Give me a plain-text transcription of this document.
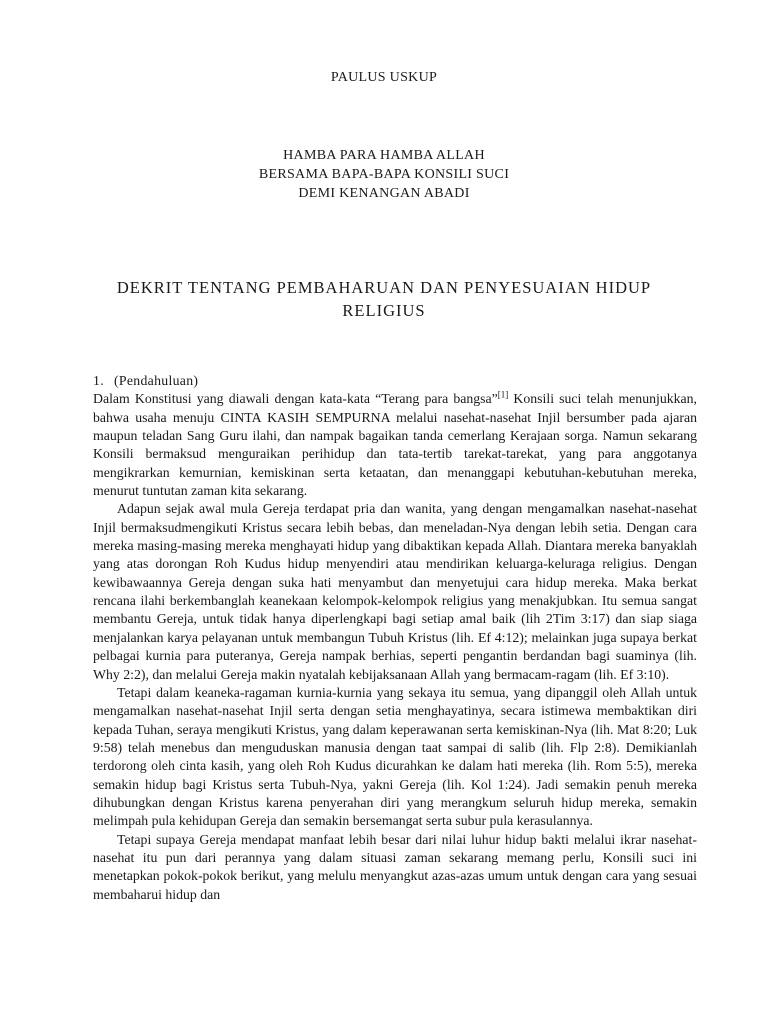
PAULUS USKUP
HAMBA PARA HAMBA ALLAH
BERSAMA BAPA-BAPA KONSILI SUCI
DEMI KENANGAN ABADI
DEKRIT TENTANG PEMBAHARUAN DAN PENYESUAIAN HIDUP
RELIGIUS

1. (Pendahuluan)

Dalam Konstitusi yang diawali dengan kata-kata “Terang para bangsa”[1] Konsili suci telah menunjukkan, bahwa usaha menuju CINTA KASIH SEMPURNA melalui nasehat-nasehat Injil bersumber pada ajaran maupun teladan Sang Guru ilahi, dan nampak bagaikan tanda cemerlang Kerajaan sorga. Namun sekarang Konsili bermaksud menguraikan perihidup dan tata-tertib tarekat-tarekat, yang para anggotanya mengikrarkan kemurnian, kemiskinan serta ketaatan, dan menanggapi kebutuhan-kebutuhan mereka, menurut tuntutan zaman kita sekarang.

Adapun sejak awal mula Gereja terdapat pria dan wanita, yang dengan mengamalkan nasehat-nasehat Injil bermaksudmengikuti Kristus secara lebih bebas, dan meneladan-Nya dengan lebih setia. Dengan cara mereka masing-masing mereka menghayati hidup yang dibaktikan kepada Allah. Diantara mereka banyaklah yang atas dorongan Roh Kudus hidup menyendiri atau mendirikan keluarga-keluraga religius. Dengan kewibawaannya Gereja dengan suka hati menyambut dan menyetujui cara hidup mereka. Maka berkat rencana ilahi berkembanglah keanekaan kelompok-kelompok religius yang menakjubkan. Itu semua sangat membantu Gereja, untuk tidak hanya diperlengkapi bagi setiap amal baik (lih 2Tim 3:17) dan siap siaga menjalankan karya pelayanan untuk membangun Tubuh Kristus (lih. Ef 4:12); melainkan juga supaya berkat pelbagai kurnia para puteranya, Gereja nampak berhias, seperti pengantin berdandan bagi suaminya (lih. Why 2:2), dan melalui Gereja makin nyatalah kebijaksanaan Allah yang bermacam-ragam (lih. Ef 3:10).

Tetapi dalam keaneka-ragaman kurnia-kurnia yang sekaya itu semua, yang dipanggil oleh Allah untuk mengamalkan nasehat-nasehat Injil serta dengan setia menghayatinya, secara istimewa membaktikan diri kepada Tuhan, seraya mengikuti Kristus, yang dalam keperawanan serta kemiskinan-Nya (lih. Mat 8:20; Luk 9:58) telah menebus dan menguduskan manusia dengan taat sampai di salib (lih. Flp 2:8). Demikianlah terdorong oleh cinta kasih, yang oleh Roh Kudus dicurahkan ke dalam hati mereka (lih. Rom 5:5), mereka semakin hidup bagi Kristus serta Tubuh-Nya, yakni Gereja (lih. Kol 1:24). Jadi semakin penuh mereka dihubungkan dengan Kristus karena penyerahan diri yang merangkum seluruh hidup mereka, semakin melimpah pula kehidupan Gereja dan semakin bersemangat serta subur pula kerasulannya.

Tetapi supaya Gereja mendapat manfaat lebih besar dari nilai luhur hidup bakti melalui ikrar nasehat-nasehat itu pun dari perannya yang dalam situasi zaman sekarang memang perlu, Konsili suci ini menetapkan pokok-pokok berikut, yang melulu menyangkut azas-azas umum untuk dengan cara yang sesuai membaharui hidup dan
